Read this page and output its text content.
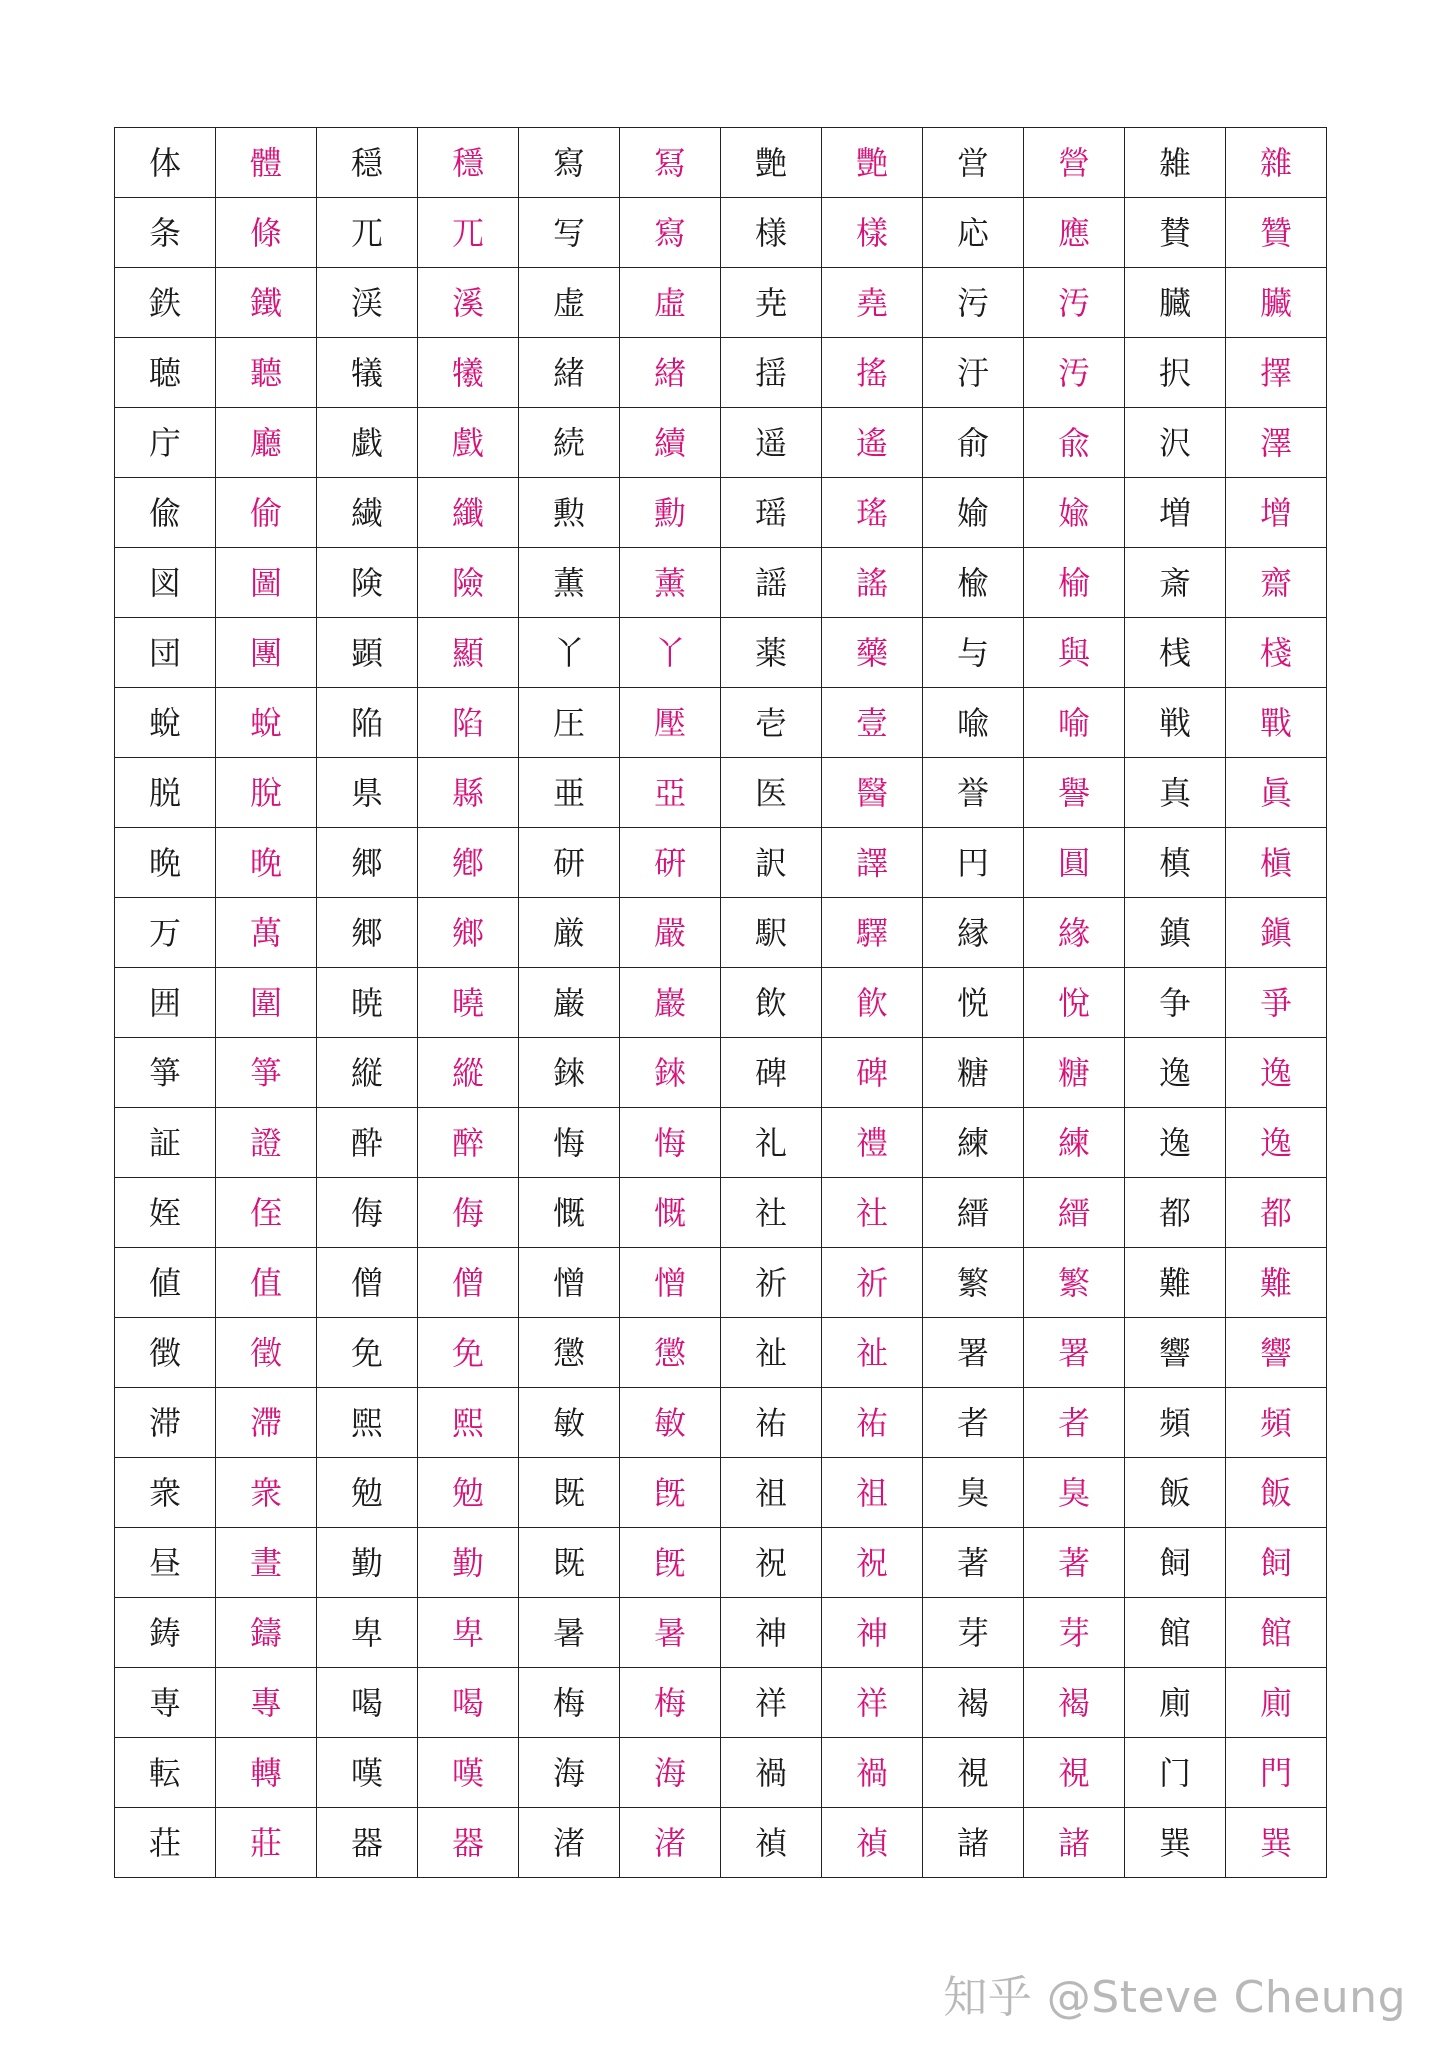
体	體	穏	穩	寫	冩	艶	艷	営	營	雑	雜
条	條	兀	兀	写	寫	様	樣	応	應	賛	贊
鉄	鐵	渓	溪	虚	虛	尭	堯	污	汚	臓	臟
聴	聽	犠	犧	緒	緖	揺	搖	汙	汚	択	擇
庁	廳	戯	戲	続	續	遥	遙	俞	兪	沢	澤
偸	偷	繊	纖	勲	勳	瑶	瑤	媮	婾	増	增
図	圖	険	險	薫	薰	謡	謠	楡	榆	斎	齋
団	團	顕	顯	丫	丫	薬	藥	与	與	桟	棧
蛻	蛻	陥	陷	圧	壓	壱	壹	喩	喻	戦	戰
脱	脫	県	縣	亜	亞	医	醫	誉	譽	真	眞
晩	晚	郷	鄕	研	硏	訳	譯	円	圓	槙	槇
万	萬	郷	鄉	厳	嚴	駅	驛	縁	緣	鎮	鎭
囲	圍	暁	曉	巌	巖	飲	飮	悦	悅	争	爭
箏	箏	縦	縱	錸	錸	碑	碑	糖	糖	逸	逸
証	證	酔	醉	悔	悔	礼	禮	練	練	逸	逸
姪	侄	侮	侮	慨	慨	社	社	縉	縉	都	都
値	值	僧	僧	憎	憎	祈	祈	繁	繁	難	難
徴	徵	免	免	懲	懲	祉	祉	署	署	響	響
滞	滯	煕	熙	敏	敏	祐	祐	者	者	頻	頻
衆	衆	勉	勉	既	旣	祖	祖	臭	臭	飯	飯
昼	晝	勤	勤	既	旣	祝	祝	著	著	飼	飼
鋳	鑄	卑	卑	暑	暑	神	神	芽	芽	館	館
専	專	喝	喝	梅	梅	祥	祥	褐	褐	廁	廁
転	轉	嘆	嘆	海	海	禍	禍	視	視	门	門
荘	莊	器	器	渚	渚	禎	禎	諸	諸	巽	巽
知乎 @Steve Cheung
